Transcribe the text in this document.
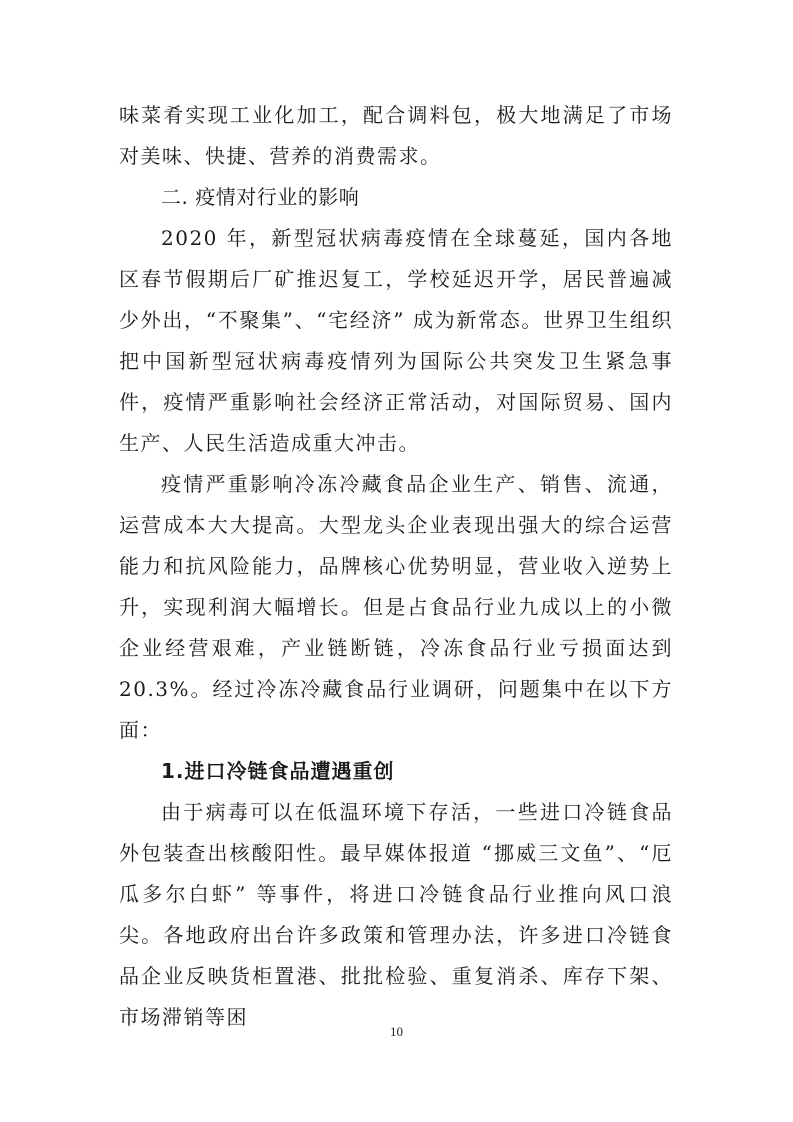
味菜肴实现工业化加工，配合调料包，极大地满足了市场对美味、快捷、营养的消费需求。

二. 疫情对行业的影响

2020 年，新型冠状病毒疫情在全球蔓延，国内各地区春节假期后厂矿推迟复工，学校延迟开学，居民普遍减少外出，“不聚集”、“宅经济” 成为新常态。世界卫生组织把中国新型冠状病毒疫情列为国际公共突发卫生紧急事件，疫情严重影响社会经济正常活动，对国际贸易、国内生产、人民生活造成重大冲击。

疫情严重影响冷冻冷藏食品企业生产、销售、流通，运营成本大大提高。大型龙头企业表现出强大的综合运营能力和抗风险能力，品牌核心优势明显，营业收入逆势上升，实现利润大幅增长。但是占食品行业九成以上的小微企业经营艰难，产业链断链，冷冻食品行业亏损面达到 20.3%。经过冷冻冷藏食品行业调研，问题集中在以下方面：

1.进口冷链食品遭遇重创

由于病毒可以在低温环境下存活，一些进口冷链食品外包装查出核酸阳性。最早媒体报道 “挪威三文鱼”、“厄瓜多尔白虾” 等事件，将进口冷链食品行业推向风口浪尖。各地政府出台许多政策和管理办法，许多进口冷链食品企业反映货柜置港、批批检验、重复消杀、库存下架、市场滞销等困

10
